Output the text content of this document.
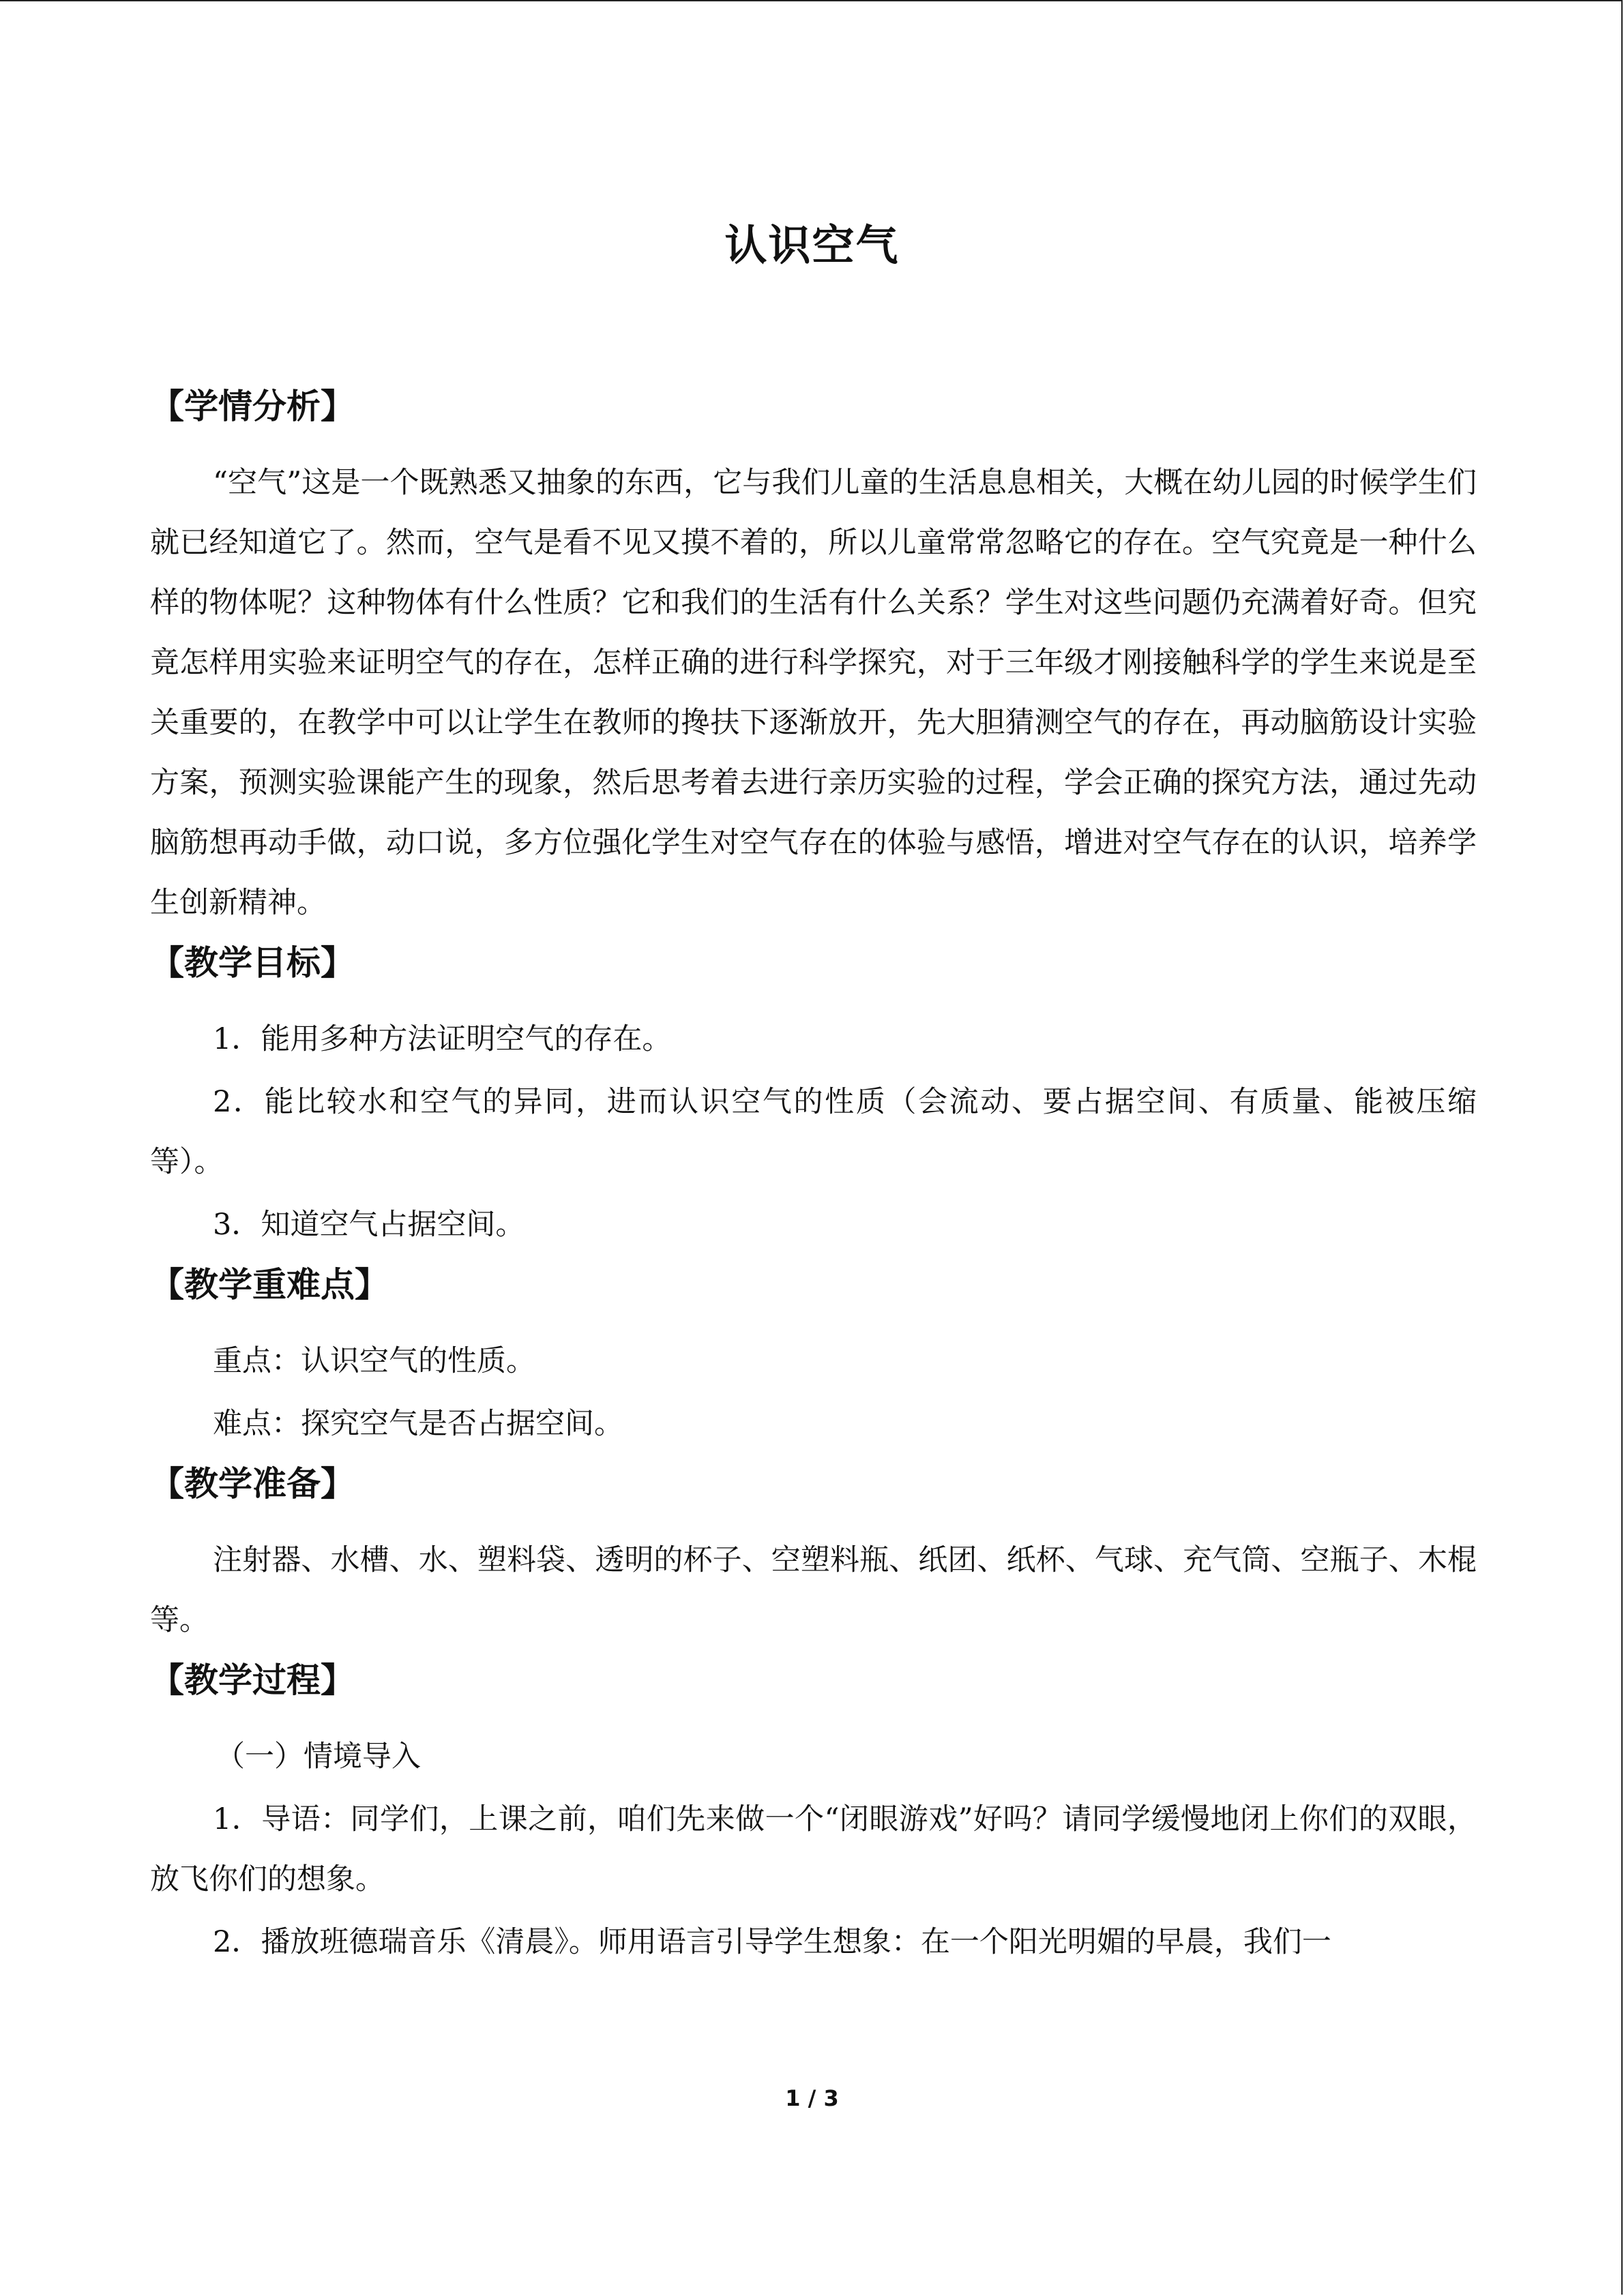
认识空气
【学情分析】

“空气”这是一个既熟悉又抽象的东西，它与我们儿童的生活息息相关，大概在幼儿园的时候学生们就已经知道它了。然而，空气是看不见又摸不着的，所以儿童常常忽略它的存在。空气究竟是一种什么样的物体呢？这种物体有什么性质？它和我们的生活有什么关系？学生对这些问题仍充满着好奇。但究竟怎样用实验来证明空气的存在，怎样正确的进行科学探究，对于三年级才刚接触科学的学生来说是至关重要的，在教学中可以让学生在教师的搀扶下逐渐放开，先大胆猜测空气的存在，再动脑筋设计实验方案，预测实验课能产生的现象，然后思考着去进行亲历实验的过程，学会正确的探究方法，通过先动脑筋想再动手做，动口说，多方位强化学生对空气存在的体验与感悟，增进对空气存在的认识，培养学生创新精神。

【教学目标】

1．能用多种方法证明空气的存在。

2．能比较水和空气的异同，进而认识空气的性质（会流动、要占据空间、有质量、能被压缩等）。

3．知道空气占据空间。

【教学重难点】

重点：认识空气的性质。

难点：探究空气是否占据空间。

【教学准备】

注射器、水槽、水、塑料袋、透明的杯子、空塑料瓶、纸团、纸杯、气球、充气筒、空瓶子、木棍等。

【教学过程】

（一）情境导入

1．导语：同学们，上课之前，咱们先来做一个“闭眼游戏”好吗？请同学缓慢地闭上你们的双眼，放飞你们的想象。

2．播放班德瑞音乐《清晨》。师用语言引导学生想象：在一个阳光明媚的早晨，我们一

1 / 3
